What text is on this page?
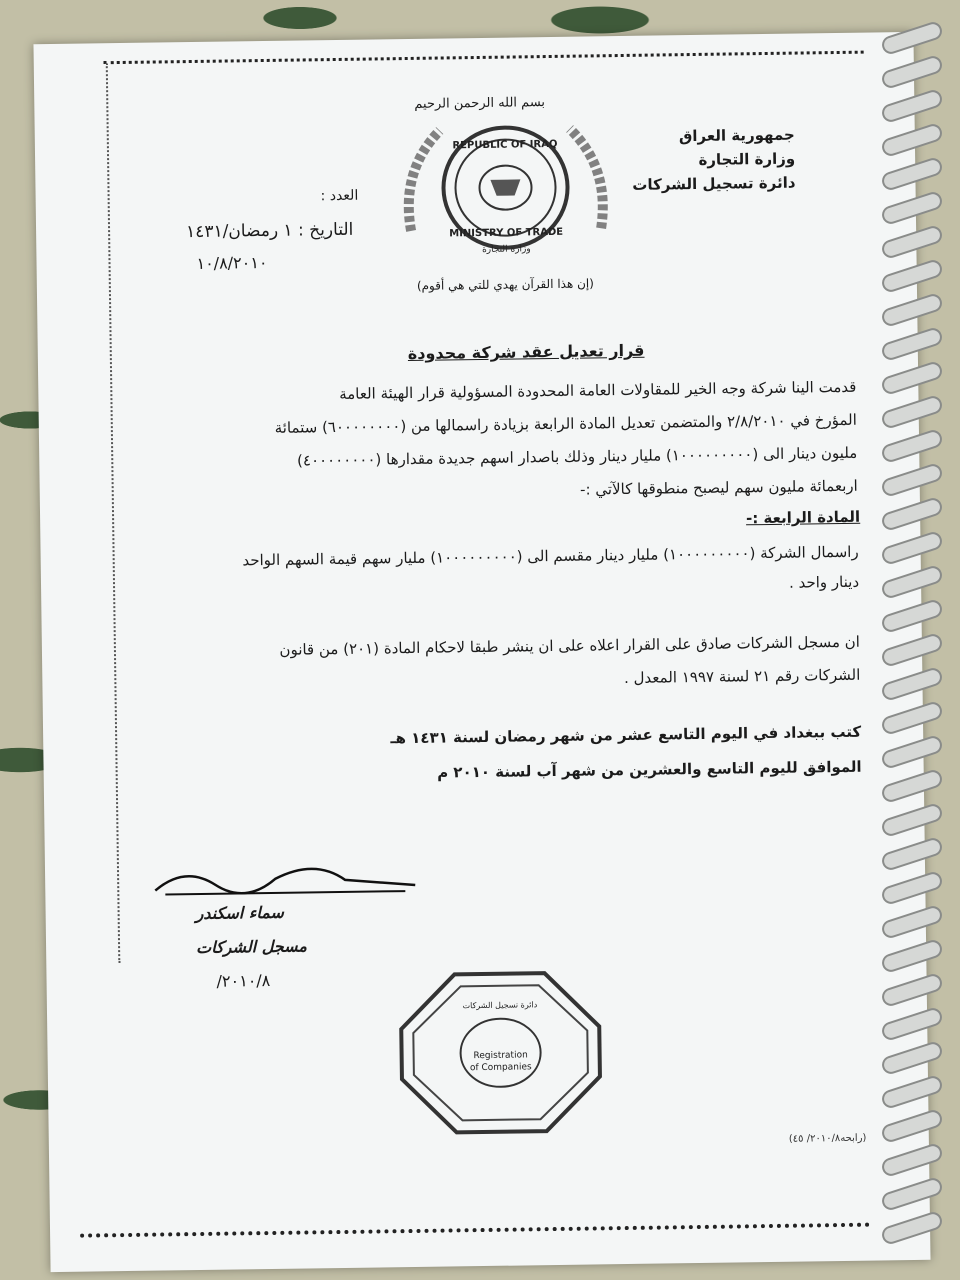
بسم الله الرحمن الرحيم
REPUBLIC OF IRAQ
MINISTRY OF TRADE
وزارة التجارة
جمهورية العراق
وزارة التجارة
دائرة تسجيل الشركات
العدد :
التاريخ : ١ رمضان/١٤٣١
١٠/٨/٢٠١٠
(إن هذا القرآن يهدي للتي هي أقوم)
قرار تعديل عقد شركة محدودة
قدمت الينا شركة وجه الخير للمقاولات العامة المحدودة المسؤولية قرار الهيئة العامة
المؤرخ في ٢/٨/٢٠١٠ والمتضمن تعديل المادة الرابعة بزيادة راسمالها من (٦٠٠٠٠٠٠٠٠) ستمائة
مليون دينار الى (١٠٠٠٠٠٠٠٠٠) مليار دينار وذلك باصدار اسهم جديدة مقدارها (٤٠٠٠٠٠٠٠٠)
اربعمائة مليون سهم ليصبح منطوقها كالآتي :-
المادة الرابعة :-
راسمال الشركة (١٠٠٠٠٠٠٠٠٠) مليار دينار مقسم الى (١٠٠٠٠٠٠٠٠٠) مليار سهم قيمة السهم الواحد
دينار واحد .
ان مسجل الشركات صادق على القرار اعلاه على ان ينشر طبقا لاحكام المادة (٢٠١) من قانون
الشركات رقم ٢١ لسنة ١٩٩٧ المعدل .
كتب ببغداد في اليوم التاسع عشر من شهر رمضان لسنة ١٤٣١ هـ
الموافق لليوم التاسع والعشرين من شهر آب لسنة ٢٠١٠ م
سماء اسكندر
مسجل الشركات
٢٠١٠/٨/
دائرة تسجيل الشركات
Registration
of Companies
(رابحه٢٠١٠/٨/ ٤٥)
